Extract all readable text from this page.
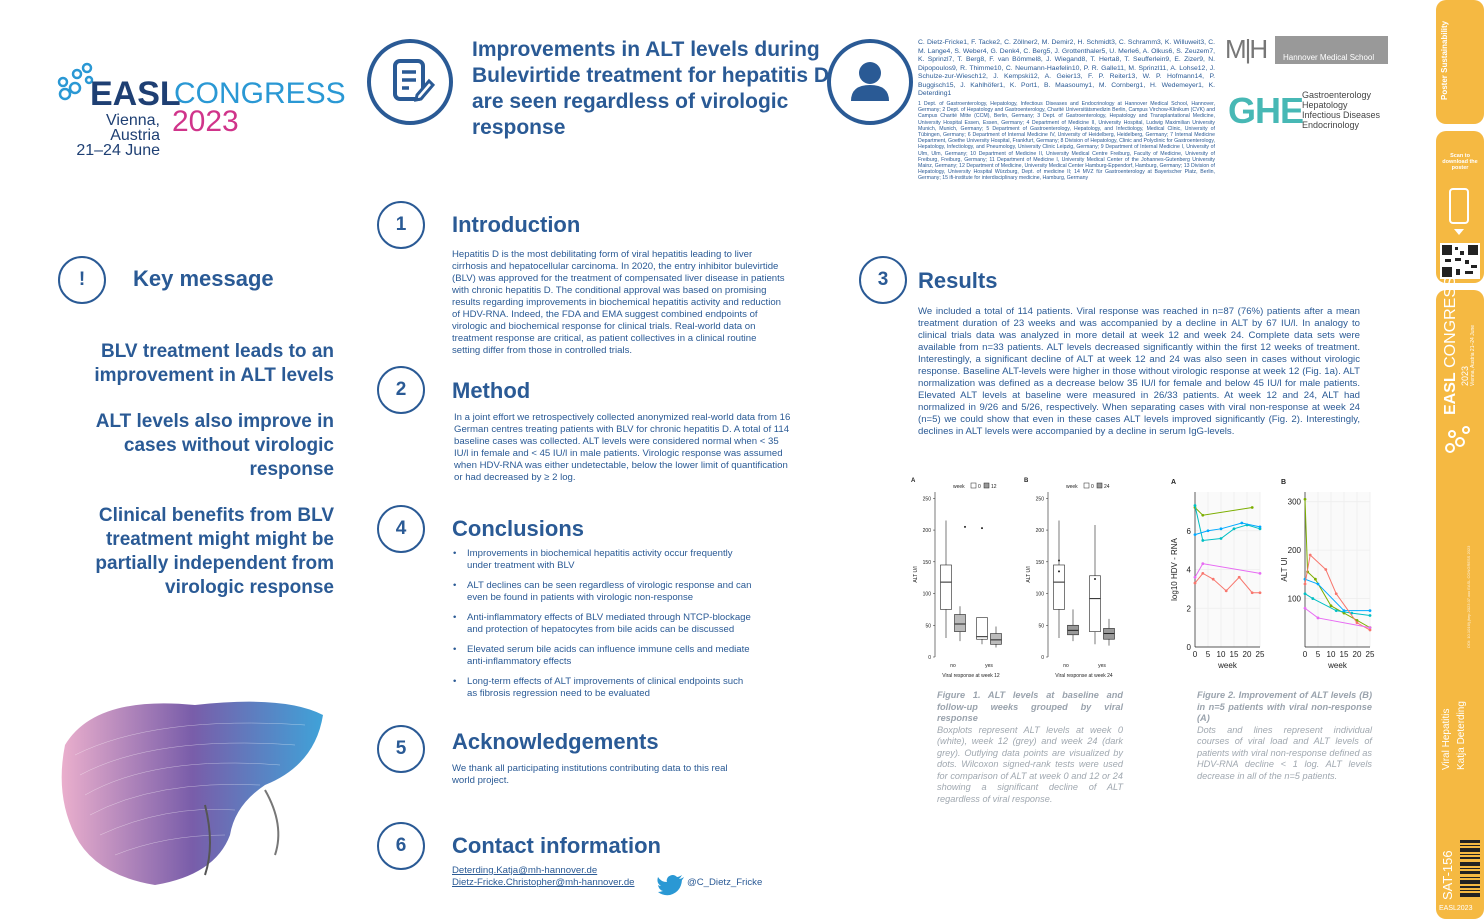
EASL
CONGRESS
Vienna, Austria
21–24 June
2023
Improvements in ALT levels during Bulevirtide treatment for hepatitis D are seen regardless of virologic response
C. Dietz-Fricke1, F. Tacke2, C. Zöllner2, M. Demir2, H. Schmidt3, C. Schramm3, K. Willuweit3, C. M. Lange4, S. Weber4, G. Denk4, C. Berg5, J. Grottenthaler5, U. Merle6, A. Olkus6, S. Zeuzem7, K. Sprinzl7, T. Berg8, F. van Bömmel8, J. Wiegand8, T. Herta8, T. Seufferlein9, E. Zizer9, N. Dipopoulos9, R. Thimme10, C. Neumann-Haefelin10, P. R. Galle11, M. Sprinzl11, A. Lohse12, J. Schulze-zur-Wiesch12, J. Kempski12, A. Geier13, F. P. Reiter13, W. P. Hofmann14, P. Buggisch15, J. Kahlhöfer1, K. Port1, B. Maasoumy1, M. Cornberg1, H. Wedemeyer1, K. Deterding1
1 Dept. of Gastroenterology, Hepatology, Infectious Diseases and Endocrinology at Hannover Medical School, Hannover, Germany; 2 Dept. of Hepatology and Gastroenterology, Charité Universitätsmedizin Berlin, Campus Virchow-Klinikum (CVK) and Campus Charité Mitte (CCM), Berlin, Germany; 3 Dept. of Gastroenterology, Hepatology and Transplantational Medicine, University Hospital Essen, Essen, Germany; 4 Department of Medicine II, University Hospital, Ludwig Maximilian University Munich, Munich, Germany; 5 Department of Gastroenterology, Hepatology, and Infectiology, Medical Clinic, University of Tübingen, Germany; 6 Department of Internal Medicine IV, University of Heidelberg, Heidelberg, Germany; 7 Internal Medicine Department, Goethe University Hospital, Frankfurt, Germany; 8 Division of Hepatology, Clinic and Polyclinic for Gastroenterology, Hepatology, Infectiology, and Pneumology, University Clinic Leipzig, Germany; 9 Department of Internal Medicine I, University of Ulm, Ulm, Germany; 10 Department of Medicine II, University Medical Centre Freiburg, Faculty of Medicine, University of Freiburg, Freiburg, Germany; 11 Department of Medicine I, University Medical Center of the Johannes-Gutenberg University Mainz, Germany; 12 Department of Medicine, University Medical Center Hamburg-Eppendorf, Hamburg, Germany; 13 Division of Hepatology, University Hospital Würzburg, Dept. of medicine II; 14 MVZ für Gastroenterology at Bayerischer Platz, Berlin, Germany; 15 ifi-institute for interdisciplinary medicine, Hamburg, Germany
M|H Hannover Medical School
GHE
Gastroenterology
Hepatology
Infectious Diseases
Endocrinology
!	Key message
BLV treatment leads to an improvement in ALT levels
ALT levels also improve in cases without virologic response
Clinical benefits from BLV treatment might might be partially independent from virologic response
1	Introduction
Hepatitis D is the most debilitating form of viral hepatitis leading to liver cirrhosis and hepatocellular carcinoma. In 2020, the entry inhibitor bulevirtide (BLV) was approved for the treatment of compensated liver disease in patients with chronic hepatitis D. The conditional approval was based on promising results regarding improvements in biochemical hepatitis activity and reduction of HDV-RNA. Indeed, the FDA and EMA suggest combined endpoints of virologic and biochemical response for clinical trials. Real-world data on treatment response are critical, as patient collectives in a clinical routine setting differ from those in controlled trials.
2	Method
In a joint effort we retrospectively collected anonymized real-world data from 16 German centres treating patients with BLV for chronic hepatitis D. A total of 114 baseline cases was collected. ALT levels were considered normal when < 35 IU/l in female and < 45 IU/l in male patients. Virologic response was assumed when HDV-RNA was either undetectable, below the lower limit of quantification or had decreased by ≥ 2 log.
4	Conclusions
• Improvements in biochemical hepatitis activity occur frequently under treatment with BLV
• ALT declines can be seen regardless of virologic response and can even be found in patients with virologic non-response
• Anti-inflammatory effects of BLV mediated through NTCP-blockage and protection of hepatocytes from bile acids can be discussed
• Elevated serum bile acids can influence immune cells and mediate anti-inflammatory effects
• Long-term effects of ALT improvements of clinical endpoints such as fibrosis regression need to be evaluated
5	Acknowledgements
We thank all participating institutions contributing data to this real world project.
6	Contact information
Deterding.Katja@mh-hannover.de
Dietz-Fricke.Christopher@mh-hannover.de	@C_Dietz_Fricke
3	Results
We included a total of 114 patients. Viral response was reached in n=87 (76%) patients after a mean treatment duration of 23 weeks and was accompanied by a decline in ALT by 67 IU/l. In analogy to clinical trials data was analyzed in more detail at week 12 and week 24. Complete data sets were available from n=33 patients. ALT levels decreased significantly within the first 12 weeks of treatment. Interestingly, a significant decline of ALT at week 12 and 24 was also seen in cases without virologic response. Baseline ALT-levels were higher in those without virologic response at week 12 (Fig. 1a). ALT normalization was defined as a decrease below 35 IU/l for female and below 45 IU/l for male patients. Elevated ALT levels at baseline were measured in 26/33 patients. At week 12 and 24, ALT had normalized in 9/26 and 5/26, respectively. When separating cases with viral non-response at week 24 (n=5) we could show that even in these cases ALT levels improved significantly (Fig. 2). Interestingly, declines in ALT levels were accompanied by a decline in serum IgG-levels.
A
week	0 12
0
50
100
150
200
250
ALT U/l
Viral response at week 12
no	yes
B
week	0 24
0
50
100
150
200
250
ALT U/l
Viral response at week 24
no	yes
A
0
2
4
6
0 5 10 15 20 25
week
log10 HDV - RNA
B
100
200
300
0 5 10 15 20 25
week
ALT UI
Figure 1. ALT levels at baseline and follow-up weeks grouped by viral response
Boxplots represent ALT levels at week 0 (white), week 12 (grey) and week 24 (dark grey). Outlying data points are visualized by dots. Wilcoxon signed-rank tests were used for comparison of ALT at week 0 and 12 or 24 showing a significant decline of ALT regardless of viral response.
Figure 2. Improvement of ALT levels (B) in n=5 patients with viral non-response (A)
Dots and lines represent individual courses of viral load and ALT levels of patients with viral non-response defined as HDV-RNA decline < 1 log. ALT levels decrease in all of the n=5 patients.
Poster Sustainability
Scan to download the poster
EASL CONGRESS
2023 Vienna, Austria 21–24 June
DOI: 10.1016/j.jhep.2023.07.xxx EASL CONGRESS 2023
Viral Hepatitis Katja Deterding
SAT-156
EASL2023
